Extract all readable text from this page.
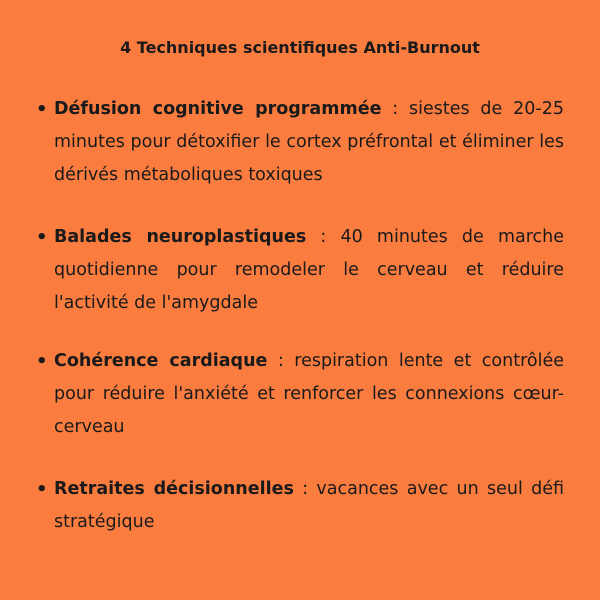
4 Techniques scientifiques Anti-Burnout
• Défusion cognitive programmée : siestes de 20-25 minutes pour détoxifier le cortex préfrontal et éliminer les dérivés métaboliques toxiques
• Balades neuroplastiques : 40 minutes de marche quotidienne pour remodeler le cerveau et réduire l'activité de l'amygdale
• Cohérence cardiaque : respiration lente et contrôlée pour réduire l'anxiété et renforcer les connexions cœur-cerveau
• Retraites décisionnelles : vacances avec un seul défi stratégique
